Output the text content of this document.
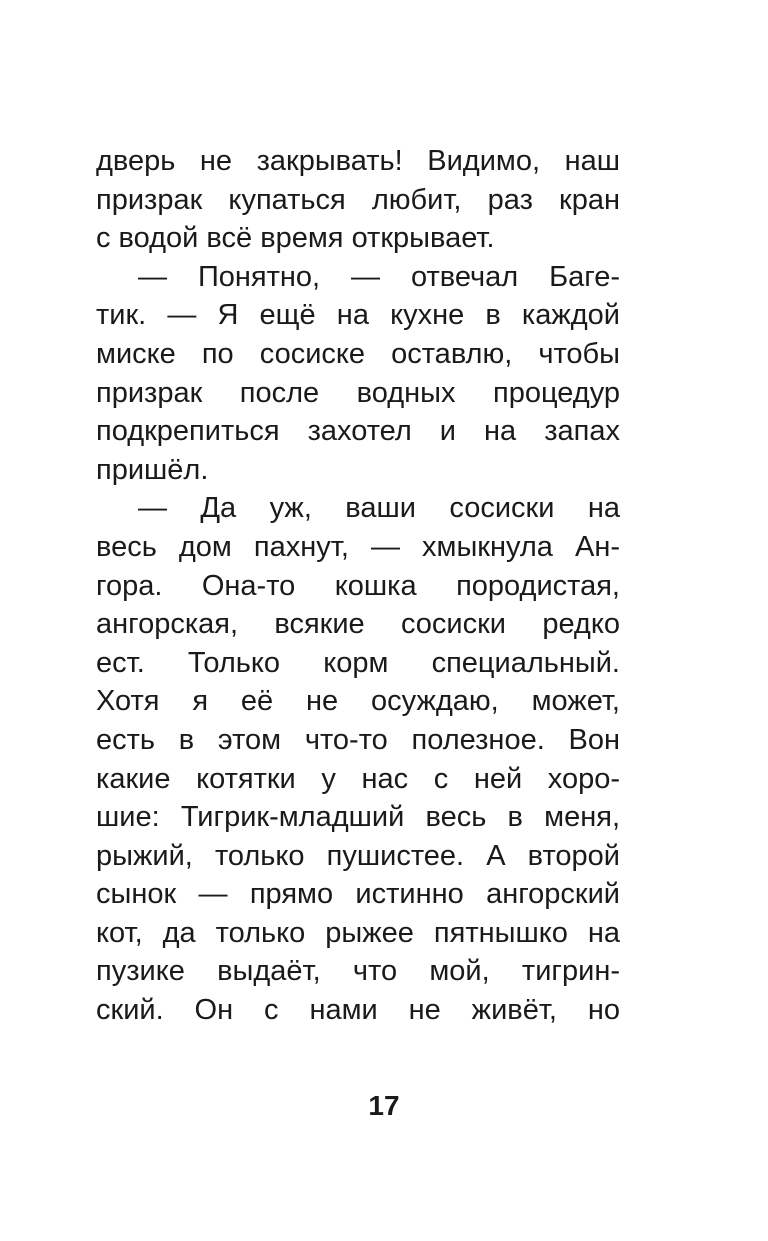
дверь не закрывать! Видимо, наш
призрак купаться любит, раз кран
с водой всё время открывает.
— Понятно, — отвечал Баге-
тик. — Я ещё на кухне в каждой
миске по сосиске оставлю, чтобы
призрак после водных процедур
подкрепиться захотел и на запах
пришёл.
— Да уж, ваши сосиски на
весь дом пахнут, — хмыкнула Ан-
гора. Она-то кошка породистая,
ангорская, всякие сосиски редко
ест. Только корм специальный.
Хотя я её не осуждаю, может,
есть в этом что-то полезное. Вон
какие котятки у нас с ней хоро-
шие: Тигрик-младший весь в меня,
рыжий, только пушистее. А второй
сынок — прямо истинно ангорский
кот, да только рыжее пятнышко на
пузике выдаёт, что мой, тигрин-
ский. Он с нами не живёт, но
17
